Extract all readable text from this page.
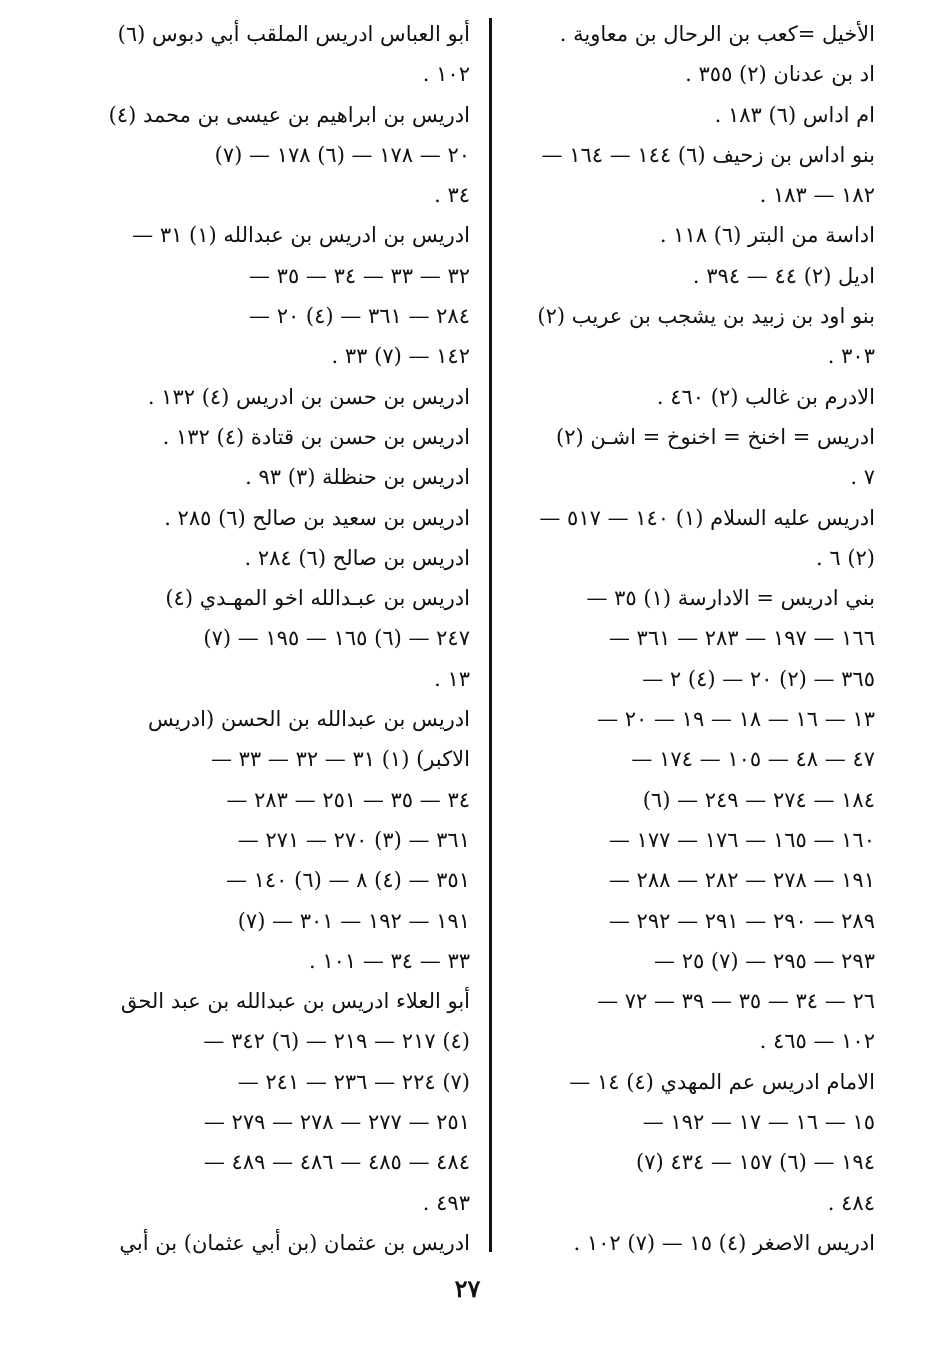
الأخيل =كعب بن الرحال بن معاوية .
اد بن عدنان (٢) ٣٥٥ .
ام اداس (٦) ١٨٣ .
بنو اداس بن زحيف (٦) ١٤٤ — ١٦٤ —
١٨٢ — ١٨٣ .
اداسة من البتر (٦) ١١٨ .
اديل (٢) ٤٤ — ٣٩٤ .
بنو اود بن زبيد بن يشجب بن عريب (٢)
٣٠٣ .
الادرم بن غالب (٢) ٤٦٠ .
ادريس = اخنخ = اخنوخ = اشـن (٢)
٧ .
ادريس عليه السلام (١) ١٤٠ — ٥١٧ —
(٢) ٦ .
بني ادريس = الادارسة (١) ٣٥ —
١٦٦ — ١٩٧ — ٢٨٣ — ٣٦١ —
٣٦٥ — (٢) ٢٠ — (٤) ٢ —
١٣ — ١٦ — ١٨ — ١٩ — ٢٠ —
٤٧ — ٤٨ — ١٠٥ — ١٧٤ —
١٨٤ — ٢٧٤ — ٢٤٩ — (٦)
١٦٠ — ١٦٥ — ١٧٦ — ١٧٧ —
١٩١ — ٢٧٨ — ٢٨٢ — ٢٨٨ —
٢٨٩ — ٢٩٠ — ٢٩١ — ٢٩٢ —
٢٩٣ — ٢٩٥ — (٧) ٢٥ —
٢٦ — ٣٤ — ٣٥ — ٣٩ — ٧٢ —
١٠٢ — ٤٦٥ .
الامام ادريس عم المهدي (٤) ١٤ —
١٥ — ١٦ — ١٧ — ١٩٢ —
١٩٤ — (٦) ١٥٧ — ٤٣٤ (٧)
٤٨٤ .
ادريس الاصغر (٤) ١٥ — (٧) ١٠٢ .
أبو العباس ادريس الملقب أبي دبوس (٦)
١٠٢ .
ادريس بن ابراهيم بن عيسى بن محمد (٤)
٢٠ — ١٧٨ — (٦) ١٧٨ — (٧)
٣٤ .
ادريس بن ادريس بن عبدالله (١) ٣١ —
٣٢ — ٣٣ — ٣٤ — ٣٥ —
٢٨٤ — ٣٦١ — (٤) ٢٠ —
١٤٢ — (٧) ٣٣ .
ادريس بن حسن بن ادريس (٤) ١٣٢ .
ادريس بن حسن بن قتادة (٤) ١٣٢ .
ادريس بن حنظلة (٣) ٩٣ .
ادريس بن سعيد بن صالح (٦) ٢٨٥ .
ادريس بن صالح (٦) ٢٨٤ .
ادريس بن عبـدالله اخو المهـدي (٤)
٢٤٧ — (٦) ١٦٥ — ١٩٥ — (٧)
١٣ .
ادريس بن عبدالله بن الحسن (ادريس
الاكبر) (١) ٣١ — ٣٢ — ٣٣ —
٣٤ — ٣٥ — ٢٥١ — ٢٨٣ —
٣٦١ — (٣) ٢٧٠ — ٢٧١ —
٣٥١ — (٤) ٨ — (٦) ١٤٠ —
١٩١ — ١٩٢ — ٣٠١ — (٧)
٣٣ — ٣٤ — ١٠١ .
أبو العلاء ادريس بن عبدالله بن عبد الحق
(٤) ٢١٧ — ٢١٩ — (٦) ٣٤٢ —
(٧) ٢٢٤ — ٢٣٦ — ٢٤١ —
٢٥١ — ٢٧٧ — ٢٧٨ — ٢٧٩ —
٤٨٤ — ٤٨٥ — ٤٨٦ — ٤٨٩ —
٤٩٣ .
ادريس بن عثمان (بن أبي عثمان) بن أبي
٢٧
